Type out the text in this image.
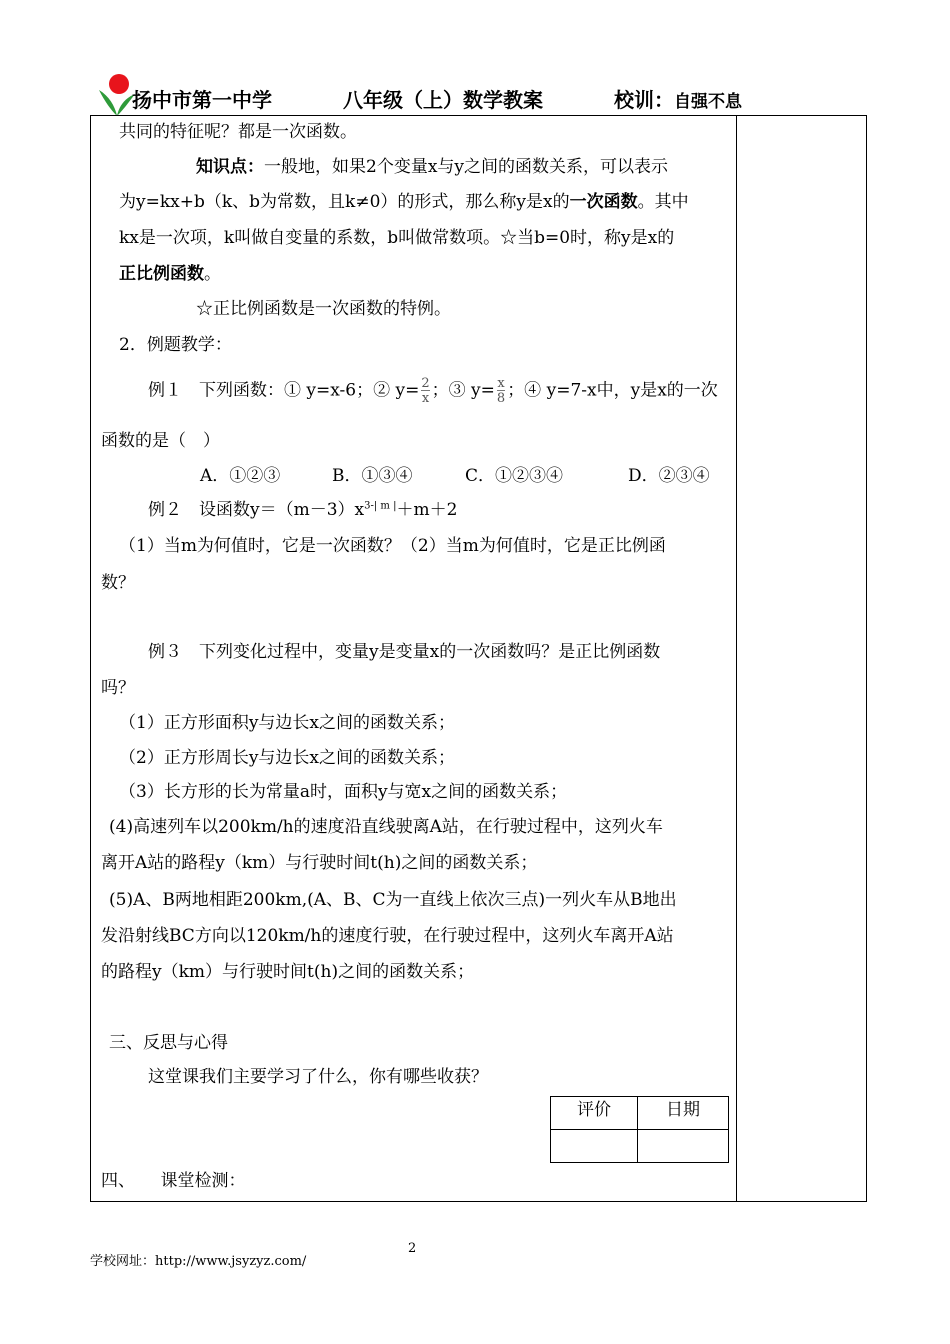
扬中市第一中学	八年级（上）数学教案	校训：自强不息
共同的特征呢？都是一次函数。
知识点：一般地，如果2个变量x与y之间的函数关系，可以表示
为y=kx+b（k、b为常数，且k≠0）的形式，那么称y是x的一次函数。其中
kx是一次项，k叫做自变量的系数，b叫做常数项。☆当b=0时，称y是x的
正比例函数。
☆正比例函数是一次函数的特例。
2．例题教学：
例１　下列函数：① y=x-6；② $y= \frac{2}{x}$ ；③ $y= \frac{x}{8}$ ；④ y=7-x中，y是x的一次
函数的是（　）
A．①②③	B．①③④	C．①②③④	D．②③④
例２　设函数$y=(m-3)x^{3-| m |}+m+2$
（1）当m为何值时，它是一次函数？（2）当m为何值时，它是正比例函
数？
例３　下列变化过程中，变量y是变量x的一次函数吗？是正比例函数
吗？
（1）正方形面积y与边长x之间的函数关系；
（2）正方形周长y与边长x之间的函数关系；
（3）长方形的长为常量a时，面积y与宽x之间的函数关系；
(4)高速列车以200km/h的速度沿直线驶离A站，在行驶过程中，这列火车
离开A站的路程y（km）与行驶时间t(h)之间的函数关系；
(5)A、B两地相距200km,(A、B、C为一直线上依次三点)一列火车从B地出
发沿射线BC方向以120km/h的速度行驶，在行驶过程中，这列火车离开A站
的路程y（km）与行驶时间t(h)之间的函数关系；
三、反思与心得
这堂课我们主要学习了什么，你有哪些收获？
评价	日期
四、　　课堂检测：
2
学校网址：http://www.jsyzyz.com/
